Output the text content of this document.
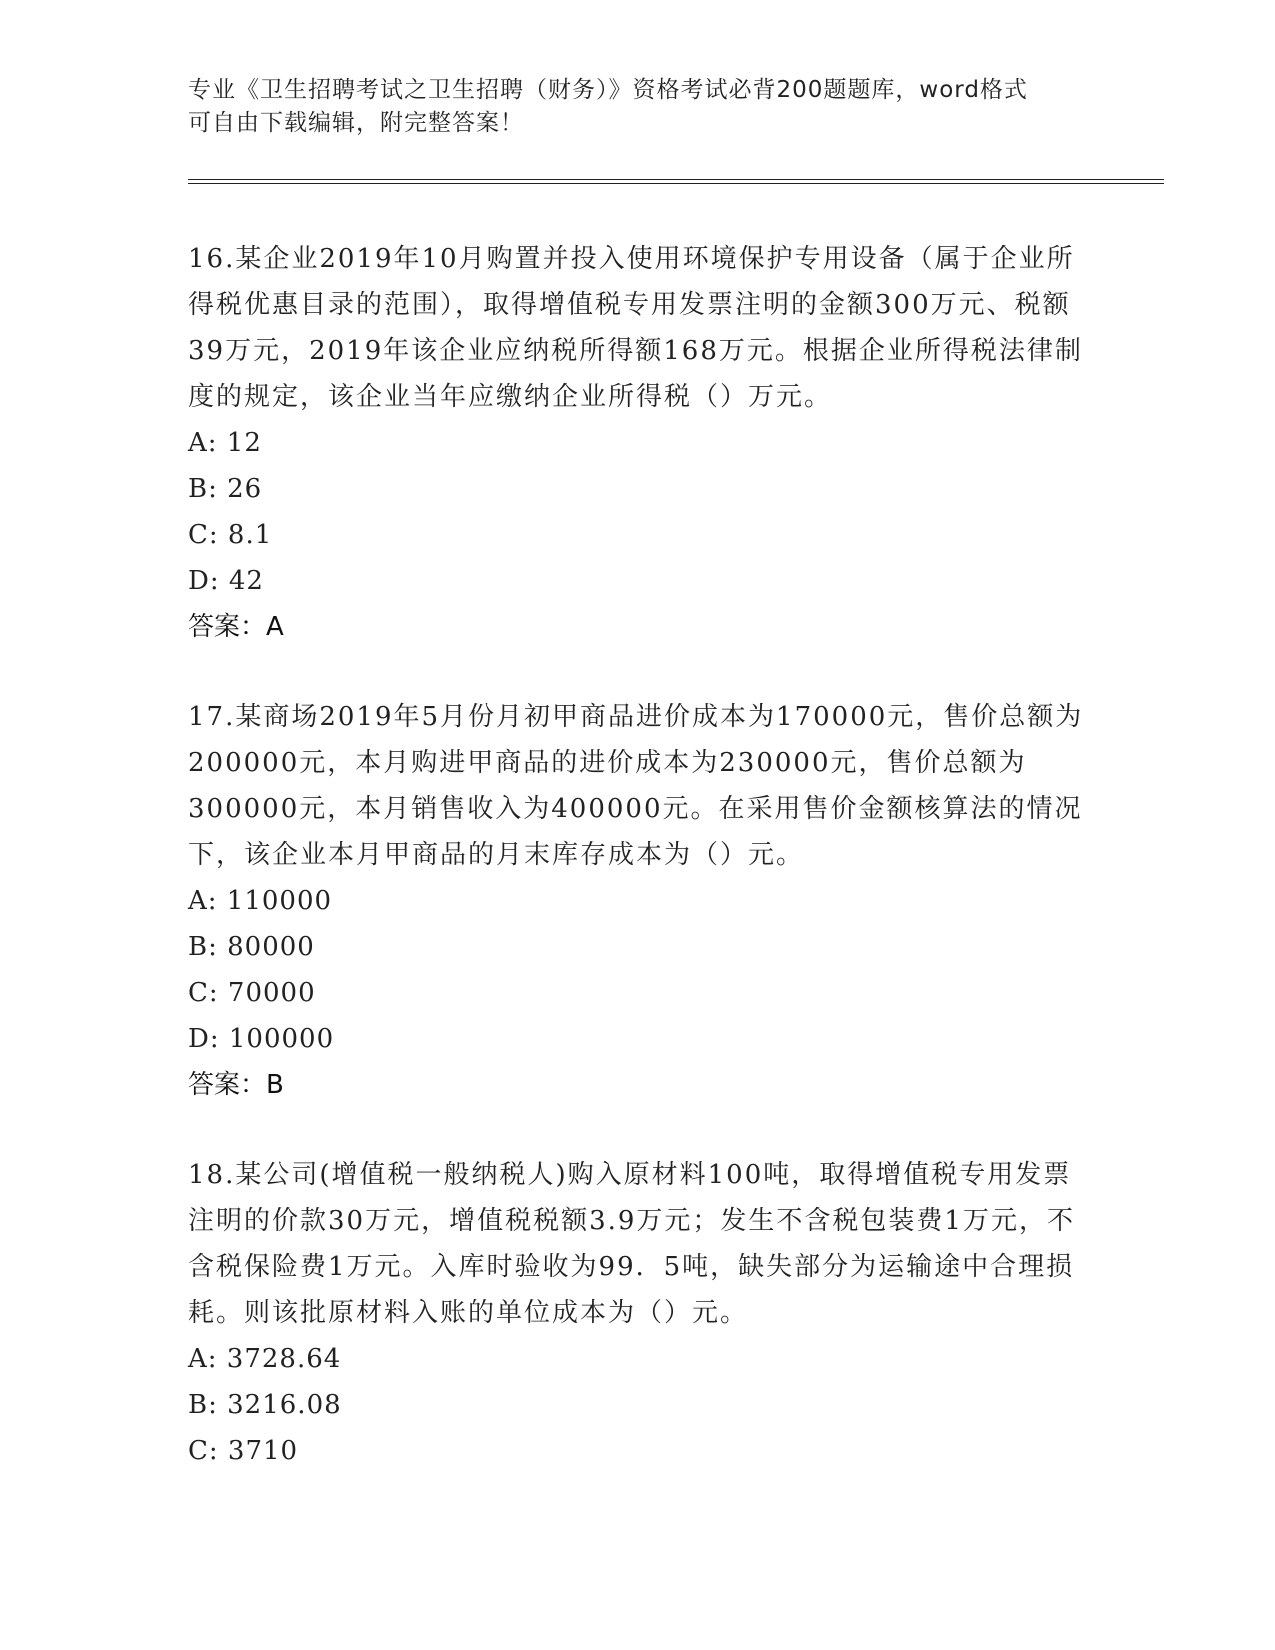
专业《卫生招聘考试之卫生招聘（财务）》资格考试必背200题题库，word格式
可自由下载编辑，附完整答案！

16.某企业2019年10月购置并投入使用环境保护专用设备（属于企业所得税优惠目录的范围），取得增值税专用发票注明的金额300万元、税额39万元，2019年该企业应纳税所得额168万元。根据企业所得税法律制度的规定，该企业当年应缴纳企业所得税（）万元。

A: 12

B: 26

C: 8.1

D: 42

答案：A

17.某商场2019年5月份月初甲商品进价成本为170000元，售价总额为200000元，本月购进甲商品的进价成本为230000元，售价总额为300000元，本月销售收入为400000元。在采用售价金额核算法的情况下，该企业本月甲商品的月末库存成本为（）元。

A: 110000

B: 80000

C: 70000

D: 100000

答案：B

18.某公司(增值税一般纳税人)购入原材料100吨，取得增值税专用发票注明的价款30万元，增值税税额3.9万元；发生不含税包装费1万元，不含税保险费1万元。入库时验收为99．5吨，缺失部分为运输途中合理损耗。则该批原材料入账的单位成本为（）元。

A: 3728.64

B: 3216.08

C: 3710
